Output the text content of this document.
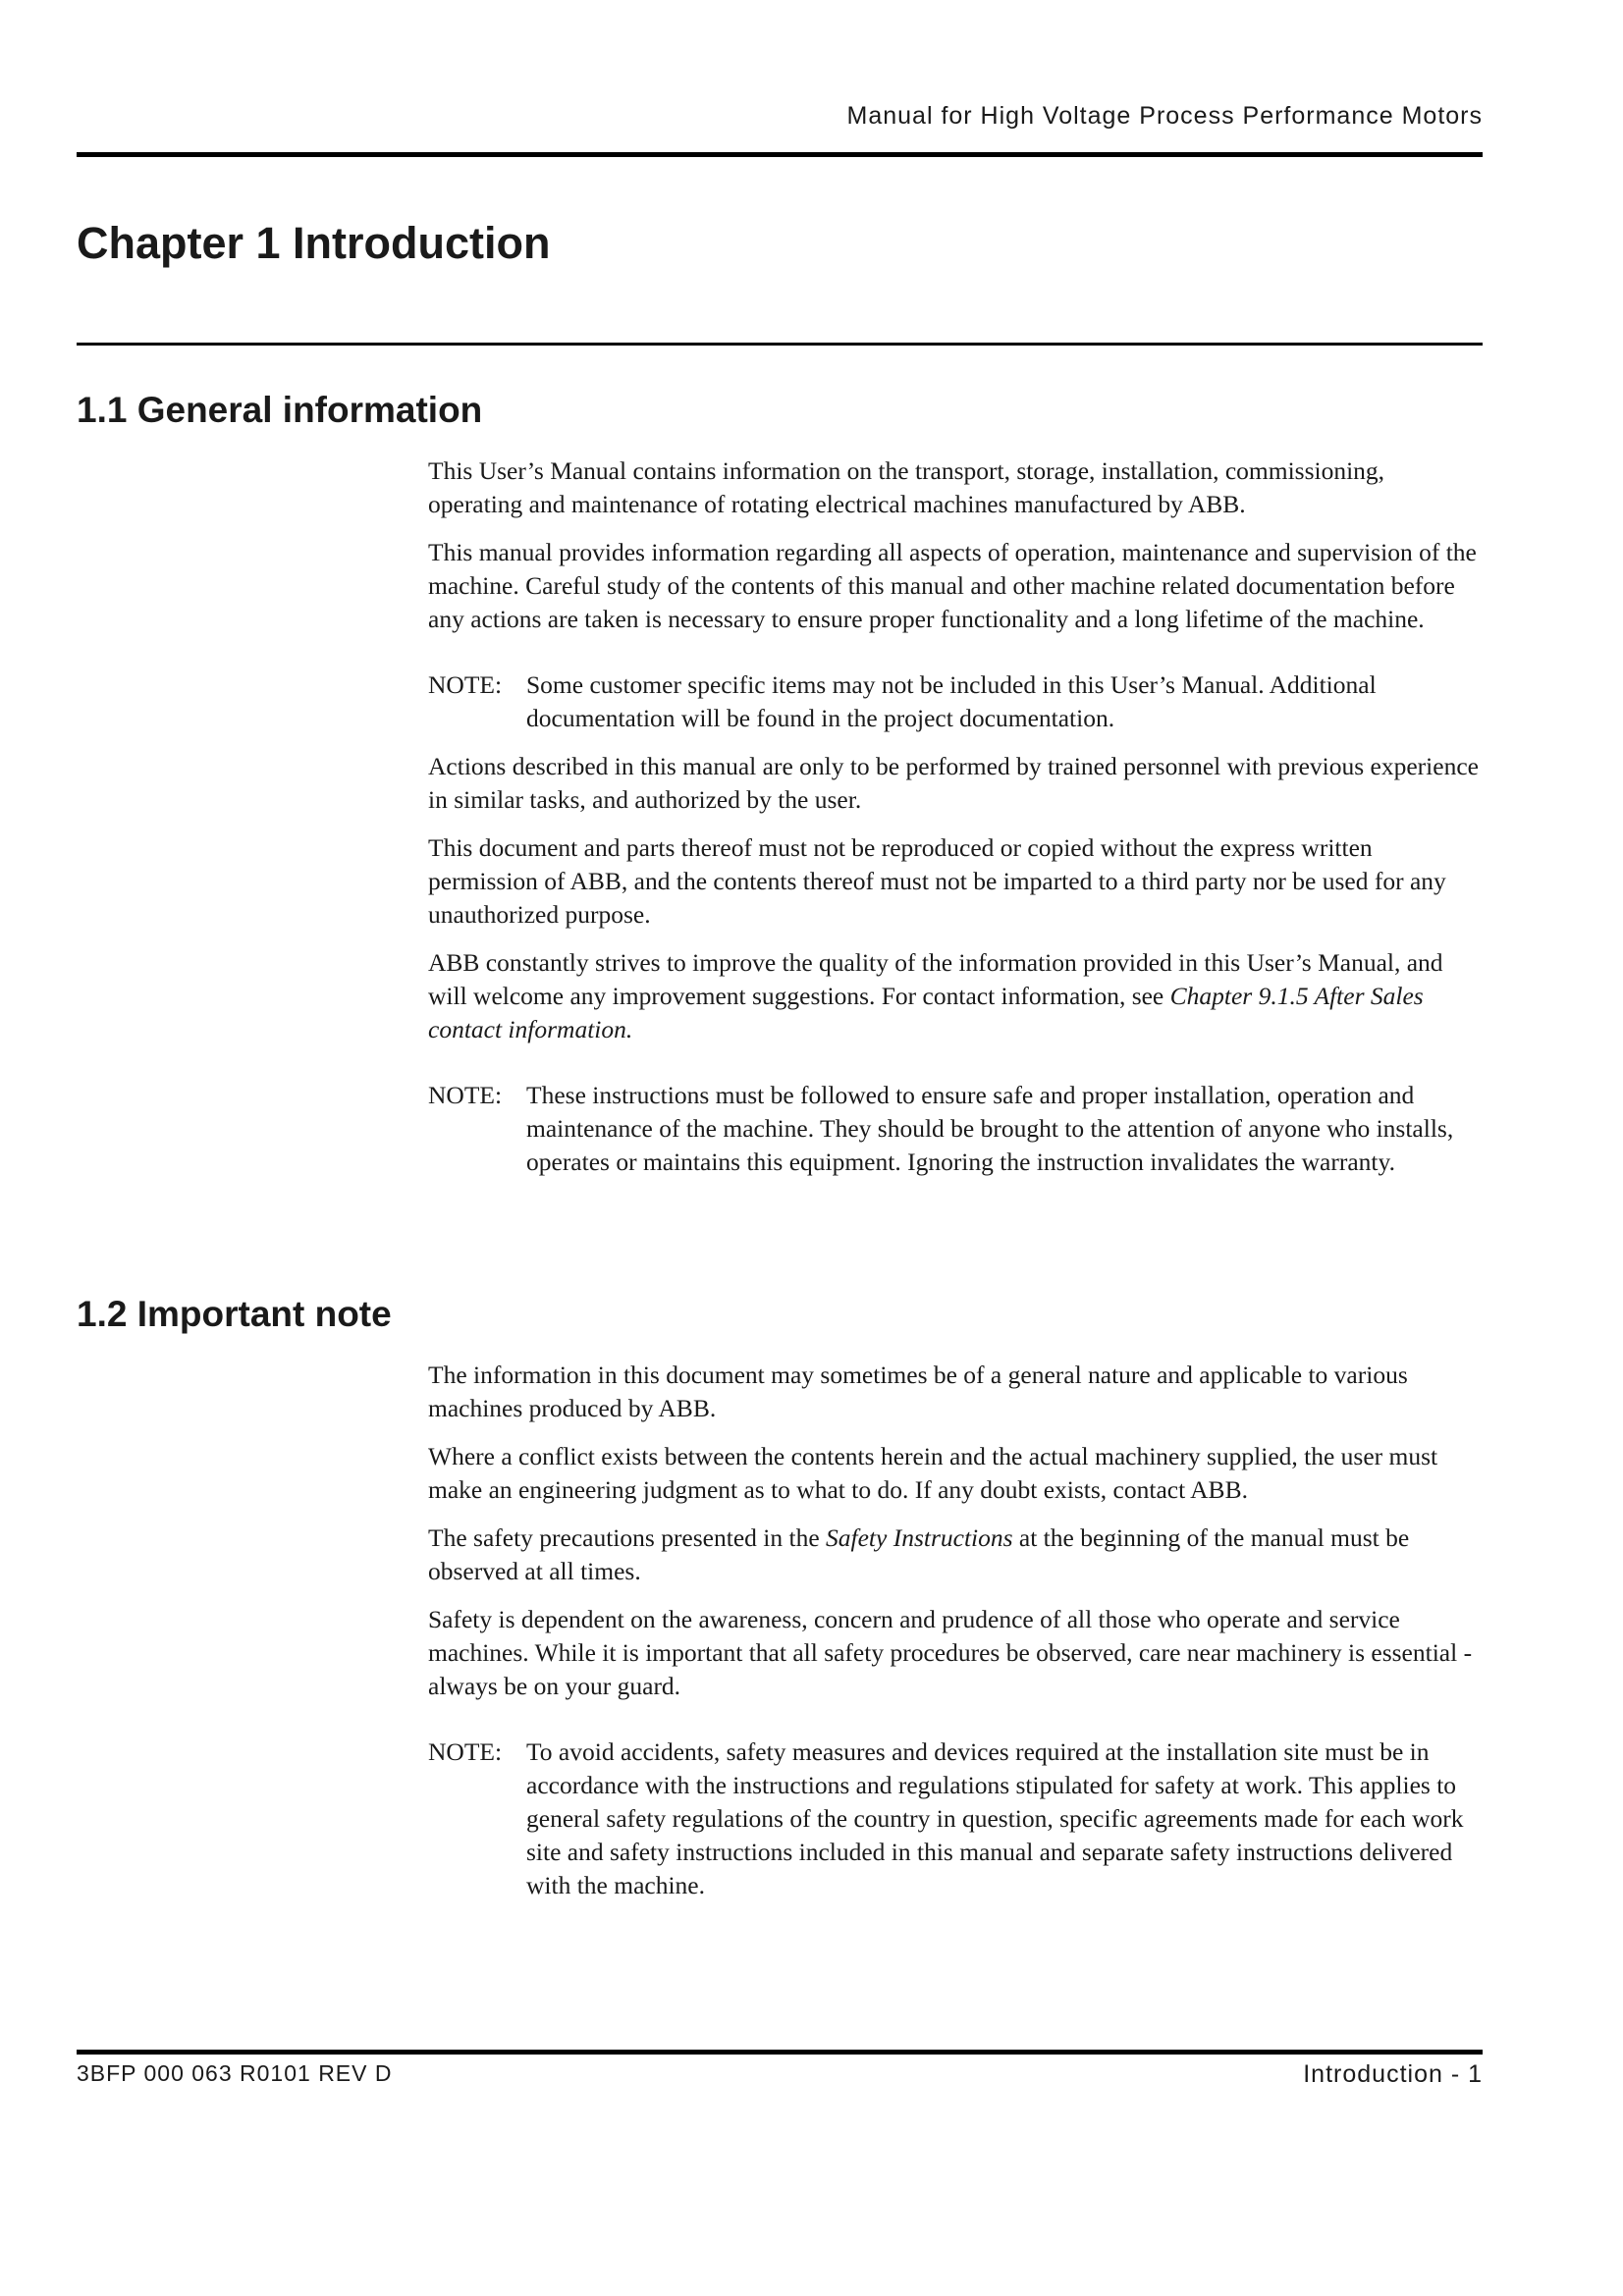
Manual for High Voltage Process Performance Motors
Chapter 1 Introduction
1.1 General information

This User’s Manual contains information on the transport, storage, installation, commissioning, operating and maintenance of rotating electrical machines manufactured by ABB.

This manual provides information regarding all aspects of operation, maintenance and supervision of the machine. Careful study of the contents of this manual and other machine related documentation before any actions are taken is necessary to ensure proper functionality and a long lifetime of the machine.

NOTE: Some customer specific items may not be included in this User’s Manual. Additional documentation will be found in the project documentation.

Actions described in this manual are only to be performed by trained personnel with previous experience in similar tasks, and authorized by the user.

This document and parts thereof must not be reproduced or copied without the express written permission of ABB, and the contents thereof must not be imparted to a third party nor be used for any unauthorized purpose.

ABB constantly strives to improve the quality of the information provided in this User’s Manual, and will welcome any improvement suggestions. For contact information, see Chapter 9.1.5 After Sales contact information.

NOTE: These instructions must be followed to ensure safe and proper installation, operation and maintenance of the machine. They should be brought to the attention of anyone who installs, operates or maintains this equipment. Ignoring the instruction invalidates the warranty.
1.2 Important note

The information in this document may sometimes be of a general nature and applicable to various machines produced by ABB.

Where a conflict exists between the contents herein and the actual machinery supplied, the user must make an engineering judgment as to what to do. If any doubt exists, contact ABB.

The safety precautions presented in the Safety Instructions at the beginning of the manual must be observed at all times.

Safety is dependent on the awareness, concern and prudence of all those who operate and service machines. While it is important that all safety procedures be observed, care near machinery is essential - always be on your guard.

NOTE: To avoid accidents, safety measures and devices required at the installation site must be in accordance with the instructions and regulations stipulated for safety at work. This applies to general safety regulations of the country in question, specific agreements made for each work site and safety instructions included in this manual and separate safety instructions delivered with the machine.
3BFP 000 063 R0101 REV D	Introduction - 1
